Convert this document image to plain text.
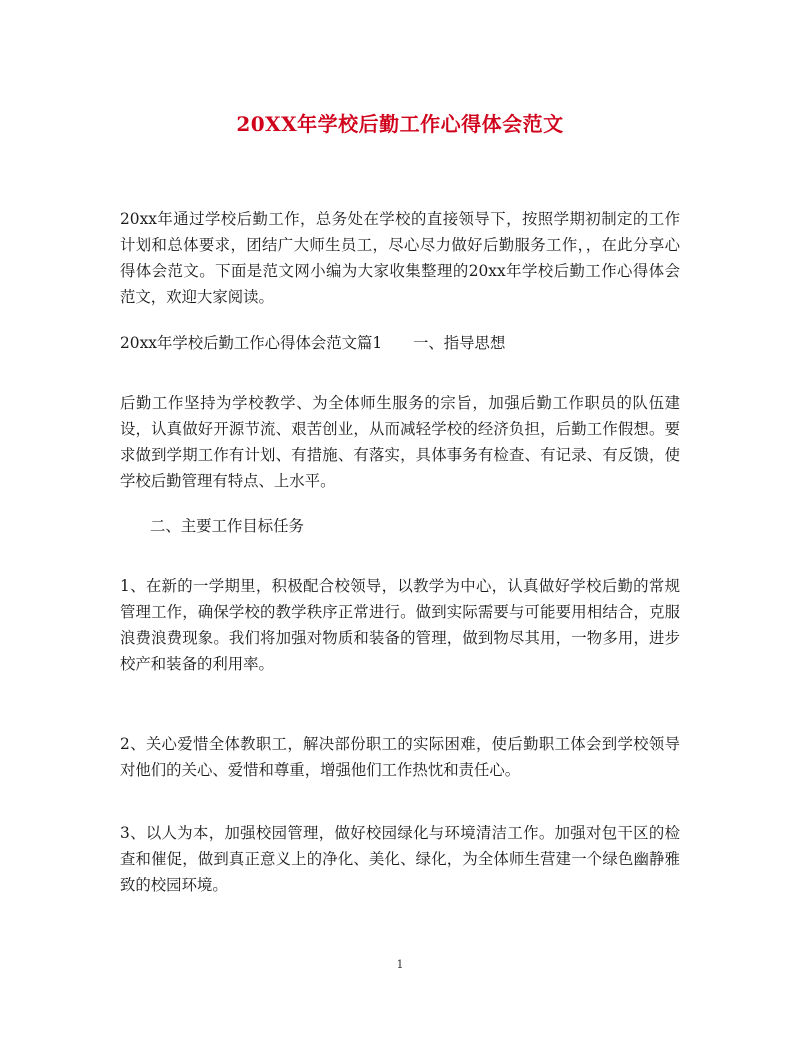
20XX年学校后勤工作心得体会范文

20xx年通过学校后勤工作，总务处在学校的直接领导下，按照学期初制定的工作计划和总体要求，团结广大师生员工，尽心尽力做好后勤服务工作，，在此分享心得体会范文。下面是范文网小编为大家收集整理的20xx年学校后勤工作心得体会范文，欢迎大家阅读。

20xx年学校后勤工作心得体会范文篇1　　一、指导思想

后勤工作坚持为学校教学、为全体师生服务的宗旨，加强后勤工作职员的队伍建设，认真做好开源节流、艰苦创业，从而减轻学校的经济负担，后勤工作假想。要求做到学期工作有计划、有措施、有落实，具体事务有检查、有记录、有反馈，使学校后勤管理有特点、上水平。

二、主要工作目标任务

1、在新的一学期里，积极配合校领导，以教学为中心，认真做好学校后勤的常规管理工作，确保学校的教学秩序正常进行。做到实际需要与可能要用相结合，克服浪费浪费现象。我们将加强对物质和装备的管理，做到物尽其用，一物多用，进步校产和装备的利用率。

2、关心爱惜全体教职工，解决部份职工的实际困难，使后勤职工体会到学校领导对他们的关心、爱惜和尊重，增强他们工作热忱和责任心。

3、以人为本，加强校园管理，做好校园绿化与环境清洁工作。加强对包干区的检查和催促，做到真正意义上的净化、美化、绿化，为全体师生营建一个绿色幽静雅致的校园环境。

1
